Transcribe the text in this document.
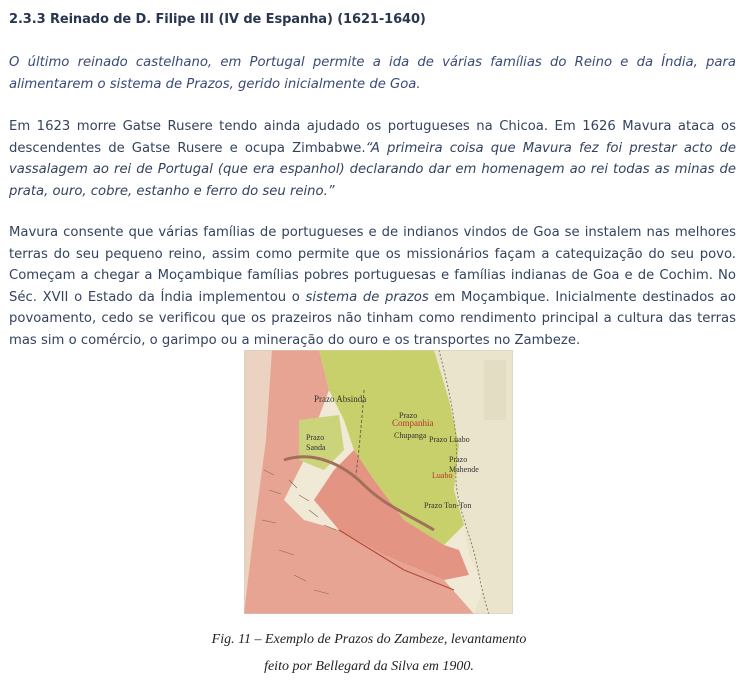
2.3.3 Reinado de D. Filipe III (IV de Espanha) (1621-1640)
O último reinado castelhano, em Portugal permite a ida de várias famílias do Reino e da Índia, para alimentarem o sistema de Prazos, gerido inicialmente de Goa.
Em 1623 morre Gatse Rusere tendo ainda ajudado os portugueses na Chicoa. Em 1626 Mavura ataca os descendentes de Gatse Rusere e ocupa Zimbabwe.“A primeira coisa que Mavura fez foi prestar acto de vassalagem ao rei de Portugal (que era espanhol) declarando dar em homenagem ao rei todas as minas de prata, ouro, cobre, estanho e ferro do seu reino.”
Mavura consente que várias famílias de portugueses e de indianos vindos de Goa se instalem nas melhores terras do seu pequeno reino, assim como permite que os missionários façam a catequização do seu povo. Começam a chegar a Moçambique famílias pobres portuguesas e famílias indianas de Goa e de Cochim. No Séc. XVII o Estado da Índia implementou o sistema de prazos em Moçambique. Inicialmente destinados ao povoamento, cedo se verificou que os prazeiros não tinham como rendimento principal a cultura das terras mas sim o comércio, o garimpo ou a mineração do ouro e os transportes no Zambeze.
Prazo Absinda
Companhia
Prazo
Chupanga
Prazo
Sanda
Prazo Luabo
Luabo
Prazo
Mahende
Prazo Ton-Ton
Fig. 11 – Exemplo de Prazos do Zambeze, levantamento
feito por Bellegard da Silva em 1900.
